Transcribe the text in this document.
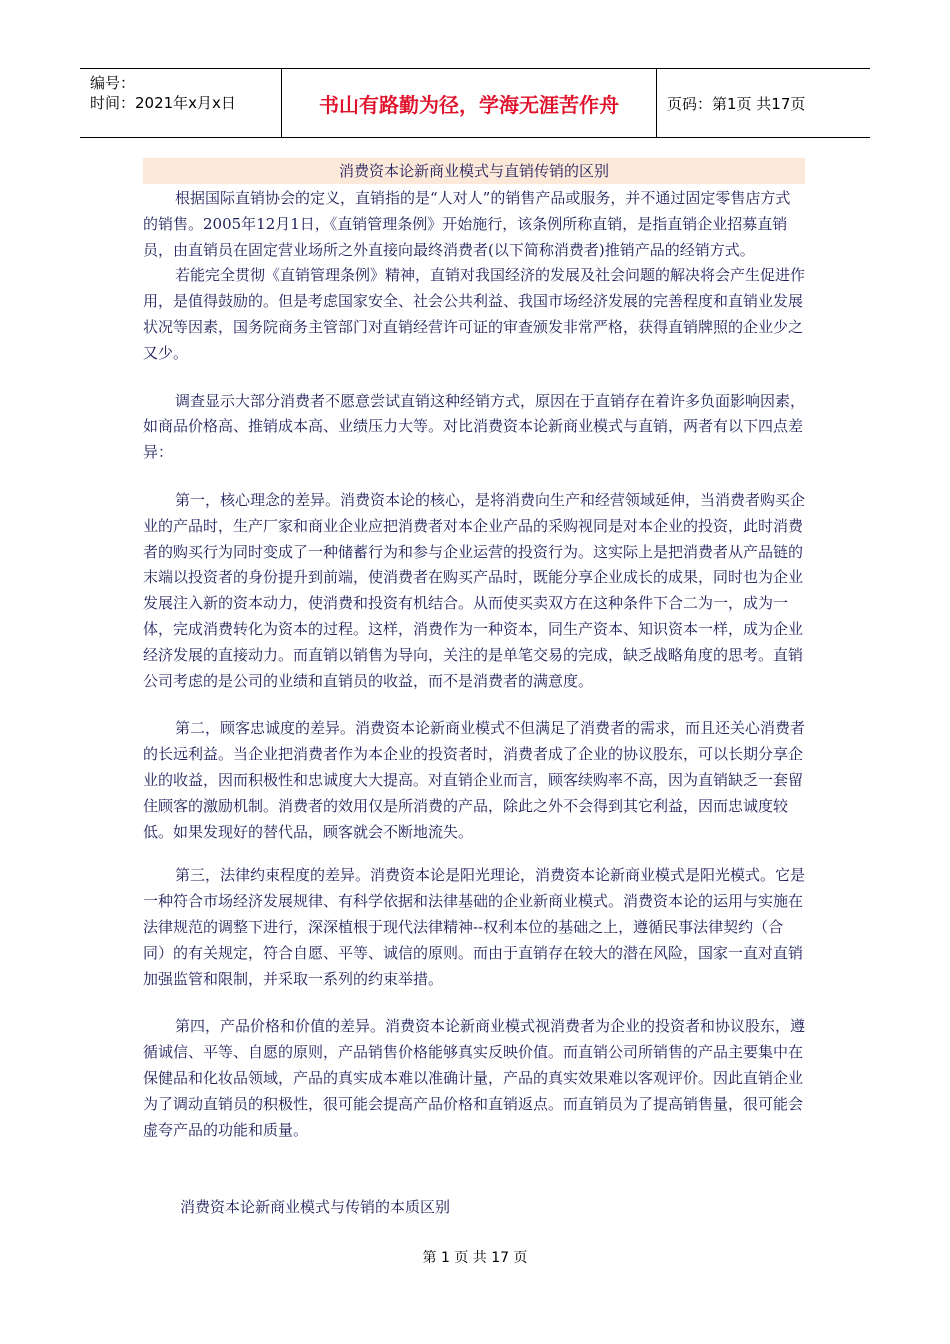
编号：
时间：2021年x月x日	书山有路勤为径，学海无涯苦作舟	页码：第1页 共17页
消费资本论新商业模式与直销传销的区别

根据国际直销协会的定义，直销指的是“人对人”的销售产品或服务，并不通过固定零售店方式的销售。2005年12月1日，《直销管理条例》开始施行，该条例所称直销，是指直销企业招募直销员，由直销员在固定营业场所之外直接向最终消费者(以下简称消费者)推销产品的经销方式。

若能完全贯彻《直销管理条例》精神，直销对我国经济的发展及社会问题的解决将会产生促进作用，是值得鼓励的。但是考虑国家安全、社会公共利益、我国市场经济发展的完善程度和直销业发展状况等因素，国务院商务主管部门对直销经营许可证的审查颁发非常严格，获得直销牌照的企业少之又少。

调查显示大部分消费者不愿意尝试直销这种经销方式，原因在于直销存在着许多负面影响因素，如商品价格高、推销成本高、业绩压力大等。对比消费资本论新商业模式与直销，两者有以下四点差异：

第一，核心理念的差异。消费资本论的核心，是将消费向生产和经营领域延伸，当消费者购买企业的产品时，生产厂家和商业企业应把消费者对本企业产品的采购视同是对本企业的投资，此时消费者的购买行为同时变成了一种储蓄行为和参与企业运营的投资行为。这实际上是把消费者从产品链的末端以投资者的身份提升到前端，使消费者在购买产品时，既能分享企业成长的成果，同时也为企业发展注入新的资本动力，使消费和投资有机结合。从而使买卖双方在这种条件下合二为一，成为一体，完成消费转化为资本的过程。这样，消费作为一种资本，同生产资本、知识资本一样，成为企业经济发展的直接动力。而直销以销售为导向，关注的是单笔交易的完成，缺乏战略角度的思考。直销公司考虑的是公司的业绩和直销员的收益，而不是消费者的满意度。

第二，顾客忠诚度的差异。消费资本论新商业模式不但满足了消费者的需求，而且还关心消费者的长远利益。当企业把消费者作为本企业的投资者时，消费者成了企业的协议股东，可以长期分享企业的收益，因而积极性和忠诚度大大提高。对直销企业而言，顾客续购率不高，因为直销缺乏一套留住顾客的激励机制。消费者的效用仅是所消费的产品，除此之外不会得到其它利益，因而忠诚度较低。如果发现好的替代品，顾客就会不断地流失。

第三，法律约束程度的差异。消费资本论是阳光理论，消费资本论新商业模式是阳光模式。它是一种符合市场经济发展规律、有科学依据和法律基础的企业新商业模式。消费资本论的运用与实施在法律规范的调整下进行，深深植根于现代法律精神--权利本位的基础之上，遵循民事法律契约（合同）的有关规定，符合自愿、平等、诚信的原则。而由于直销存在较大的潜在风险，国家一直对直销加强监管和限制，并采取一系列的约束举措。

第四，产品价格和价值的差异。消费资本论新商业模式视消费者为企业的投资者和协议股东，遵循诚信、平等、自愿的原则，产品销售价格能够真实反映价值。而直销公司所销售的产品主要集中在保健品和化妆品领域，产品的真实成本难以准确计量，产品的真实效果难以客观评价。因此直销企业为了调动直销员的积极性，很可能会提高产品价格和直销返点。而直销员为了提高销售量，很可能会虚夸产品的功能和质量。

消费资本论新商业模式与传销的本质区别
第 1 页 共 17 页
